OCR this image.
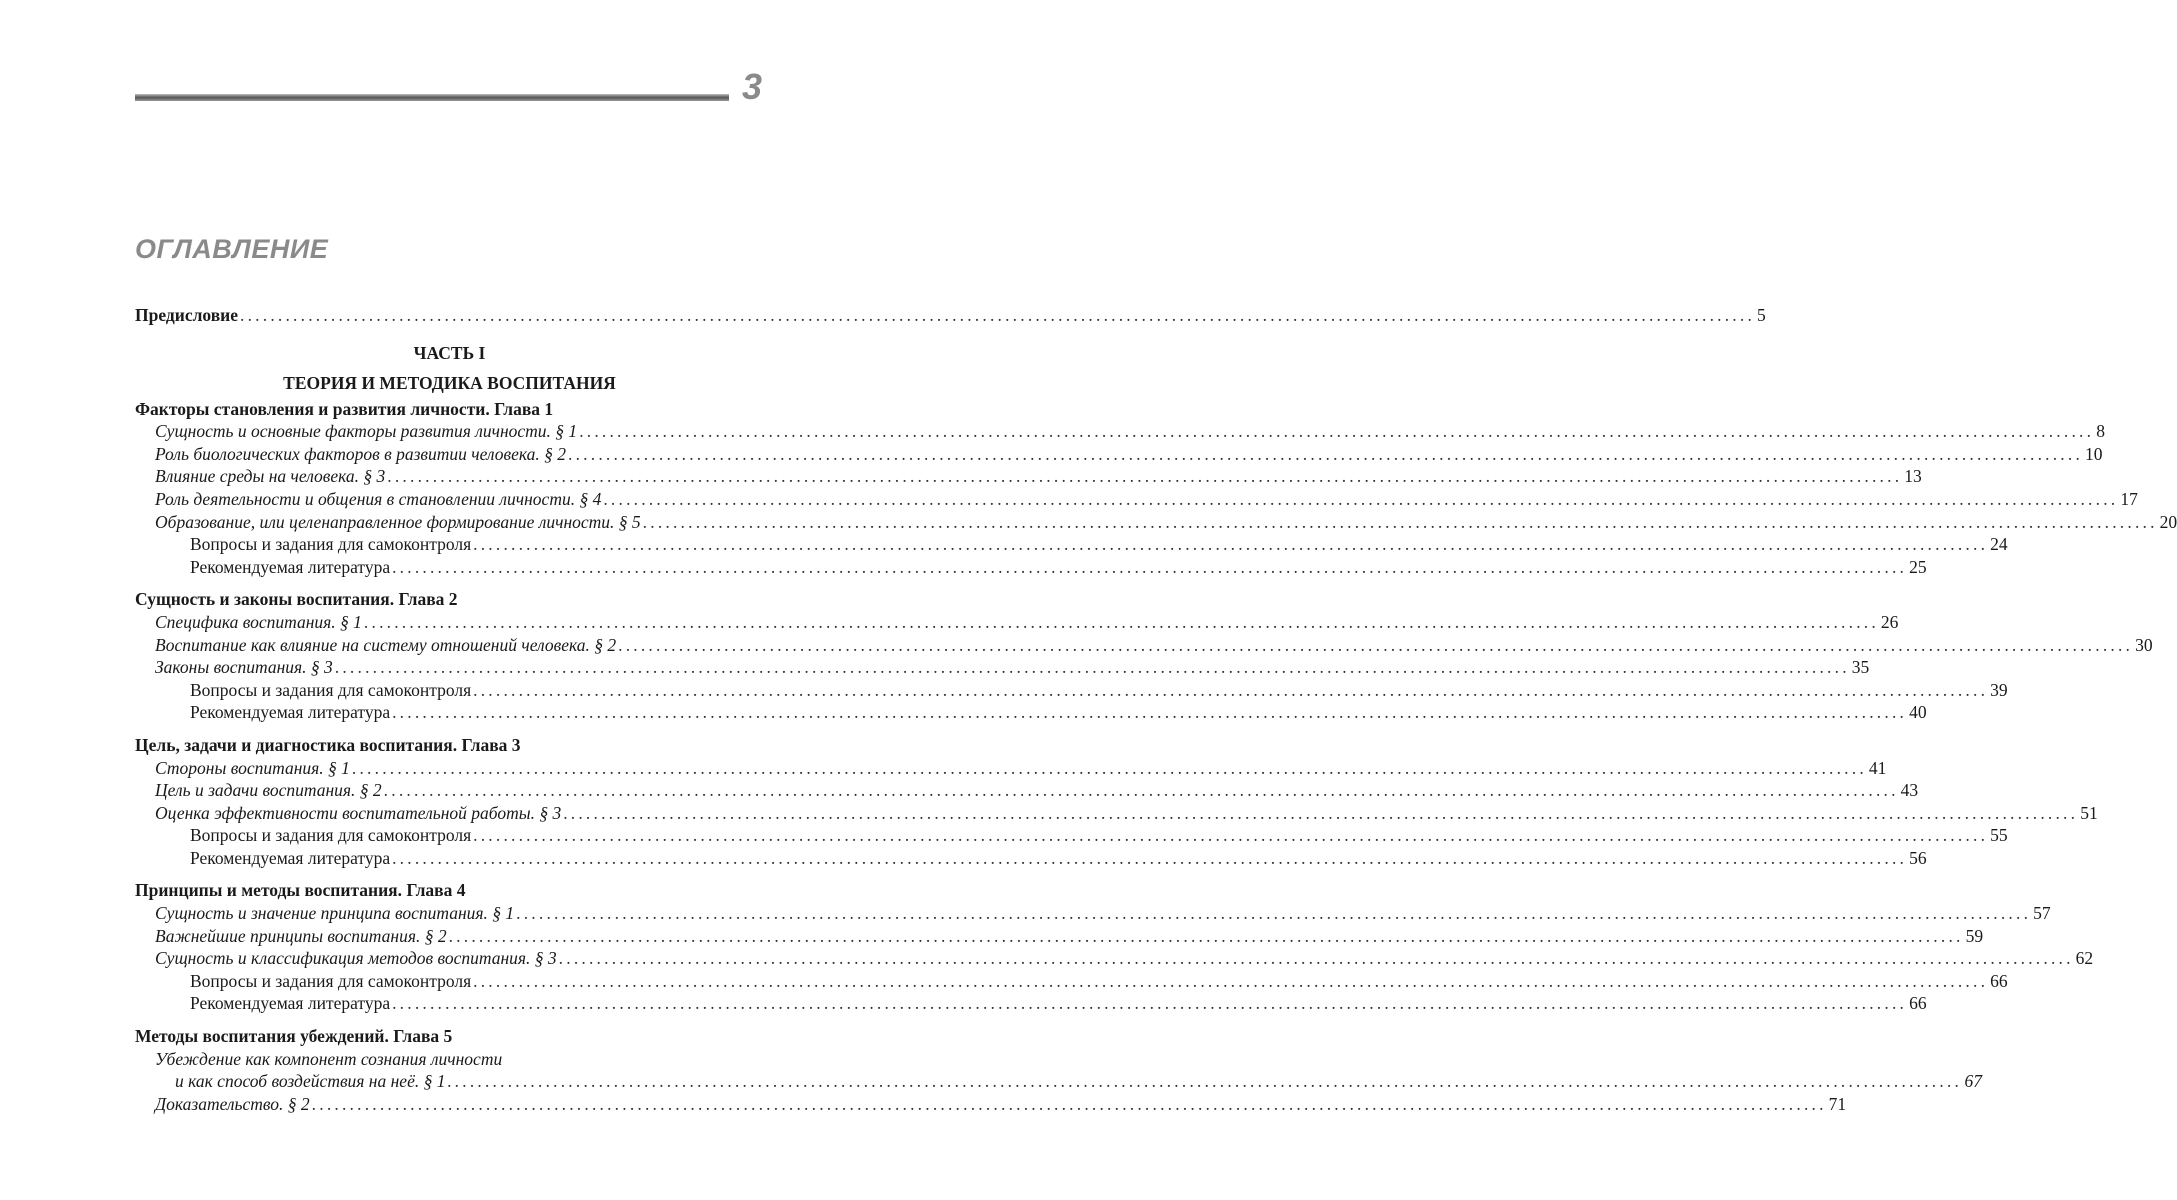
3
ОГЛАВЛЕНИЕ
Предисловие ........................................................................................................................................................................................................ 5
ЧАСТЬ I
ТЕОРИЯ И МЕТОДИКА ВОСПИТАНИЯ
Факторы становления и развития личности. Глава 1
Сущность и основные факторы развития личности. § 1 ........................................................................................................................................................................................................ 8
Роль биологических факторов в развитии человека. § 2 ........................................................................................................................................................................................................ 10
Влияние среды на человека. § 3 ........................................................................................................................................................................................................ 13
Роль деятельности и общения в становлении личности. § 4 ........................................................................................................................................................................................................ 17
Образование, или целенаправленное формирование личности. § 5 ........................................................................................................................................................................................................ 20
Вопросы и задания для самоконтроля ........................................................................................................................................................................................................ 24
Рекомендуемая литература ........................................................................................................................................................................................................ 25
Сущность и законы воспитания. Глава 2
Специфика воспитания. § 1 ........................................................................................................................................................................................................ 26
Воспитание как влияние на систему отношений человека. § 2 ........................................................................................................................................................................................................ 30
Законы воспитания. § 3 ........................................................................................................................................................................................................ 35
Вопросы и задания для самоконтроля ........................................................................................................................................................................................................ 39
Рекомендуемая литература ........................................................................................................................................................................................................ 40
Цель, задачи и диагностика воспитания. Глава 3
Стороны воспитания. § 1 ........................................................................................................................................................................................................ 41
Цель и задачи воспитания. § 2 ........................................................................................................................................................................................................ 43
Оценка эффективности воспитательной работы. § 3 ........................................................................................................................................................................................................ 51
Вопросы и задания для самоконтроля ........................................................................................................................................................................................................ 55
Рекомендуемая литература ........................................................................................................................................................................................................ 56
Принципы и методы воспитания. Глава 4
Сущность и значение принципа воспитания. § 1 ........................................................................................................................................................................................................ 57
Важнейшие принципы воспитания. § 2 ........................................................................................................................................................................................................ 59
Сущность и классификация методов воспитания. § 3 ........................................................................................................................................................................................................ 62
Вопросы и задания для самоконтроля ........................................................................................................................................................................................................ 66
Рекомендуемая литература ........................................................................................................................................................................................................ 66
Методы воспитания убеждений. Глава 5
Убеждение как компонент сознания личности
и как способ воздействия на неё. § 1 ........................................................................................................................................................................................................ 67
Доказательство. § 2 ........................................................................................................................................................................................................ 71
